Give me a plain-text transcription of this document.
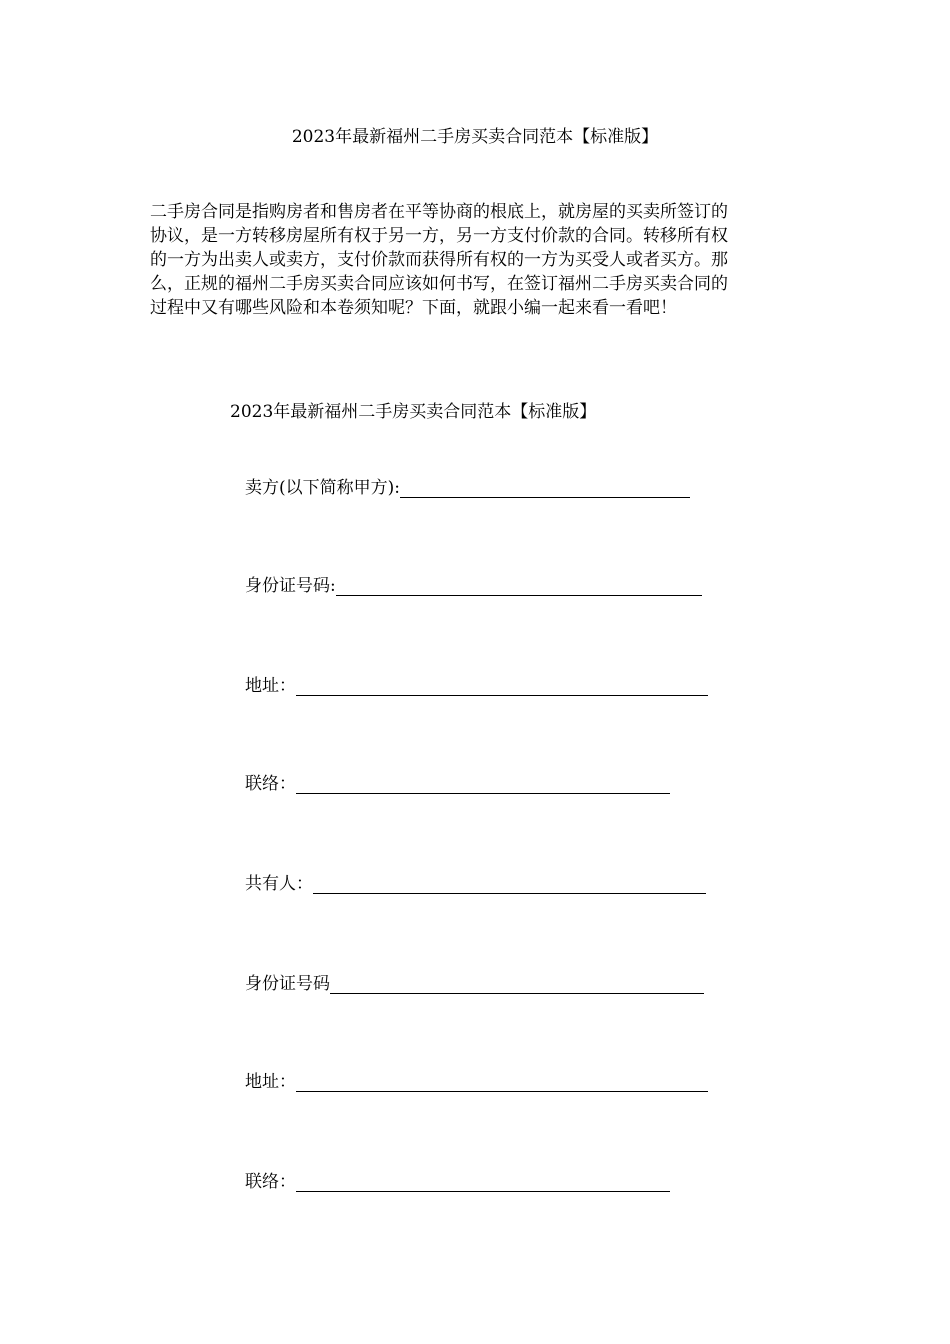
2023年最新福州二手房买卖合同范本【标准版】
二手房合同是指购房者和售房者在平等协商的根底上，就房屋的买卖所签订的
协议，是一方转移房屋所有权于另一方，另一方支付价款的合同。转移所有权
的一方为出卖人或卖方，支付价款而获得所有权的一方为买受人或者买方。那
么，正规的福州二手房买卖合同应该如何书写，在签订福州二手房买卖合同的
过程中又有哪些风险和本卷须知呢？下面，就跟小编一起来看一看吧！
2023年最新福州二手房买卖合同范本【标准版】
卖方(以下简称甲方):
身份证号码:
地址：
联络：
共有人：
身份证号码
地址：
联络：
